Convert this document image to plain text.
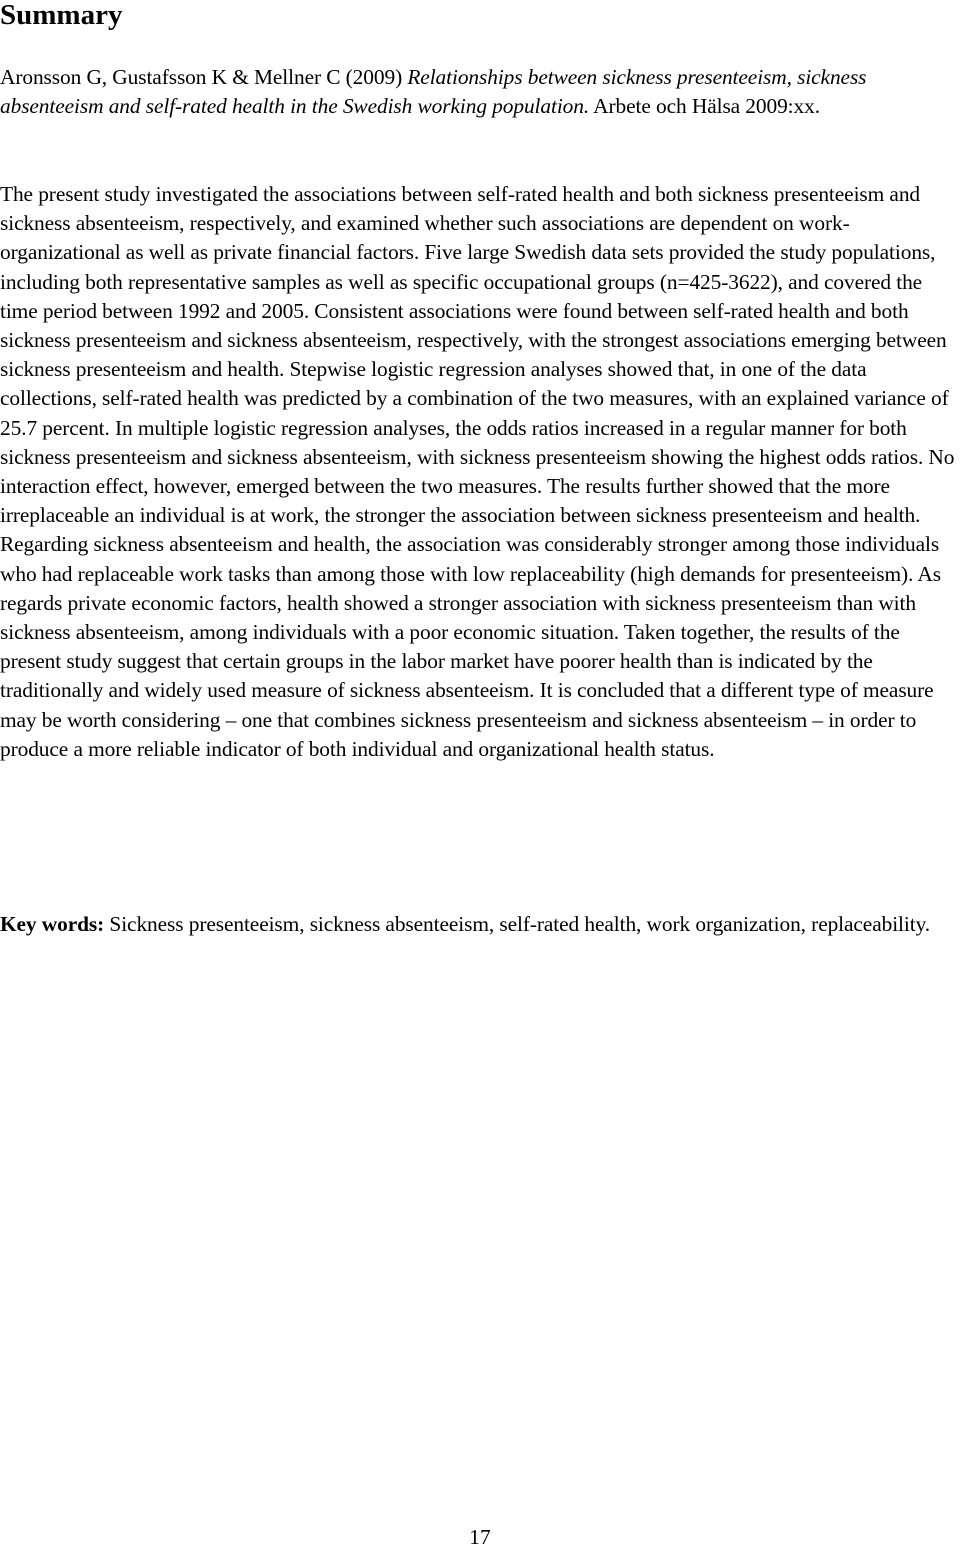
Summary

Aronsson G, Gustafsson K & Mellner C (2009) Relationships between sickness presenteeism, sickness absenteeism and self-rated health in the Swedish working population. Arbete och Hälsa 2009:xx.

The present study investigated the associations between self-rated health and both sickness presenteeism and sickness absenteeism, respectively, and examined whether such associations are dependent on work-organizational as well as private financial factors. Five large Swedish data sets provided the study populations, including both representative samples as well as specific occupational groups (n=425-3622), and covered the time period between 1992 and 2005. Consistent associations were found between self-rated health and both sickness presenteeism and sickness absenteeism, respectively, with the strongest associations emerging between sickness presenteeism and health. Stepwise logistic regression analyses showed that, in one of the data collections, self-rated health was predicted by a combination of the two measures, with an explained variance of 25.7 percent. In multiple logistic regression analyses, the odds ratios increased in a regular manner for both sickness presenteeism and sickness absenteeism, with sickness presenteeism showing the highest odds ratios. No interaction effect, however, emerged between the two measures. The results further showed that the more irreplaceable an individual is at work, the stronger the association between sickness presenteeism and health. Regarding sickness absenteeism and health, the association was considerably stronger among those individuals who had replaceable work tasks than among those with low replaceability (high demands for presenteeism). As regards private economic factors, health showed a stronger association with sickness presenteeism than with sickness absenteeism, among individuals with a poor economic situation. Taken together, the results of the present study suggest that certain groups in the labor market have poorer health than is indicated by the traditionally and widely used measure of sickness absenteeism. It is concluded that a different type of measure may be worth considering – one that combines sickness presenteeism and sickness absenteeism – in order to produce a more reliable indicator of both individual and organizational health status.

Key words: Sickness presenteeism, sickness absenteeism, self-rated health, work organization, replaceability.

17
